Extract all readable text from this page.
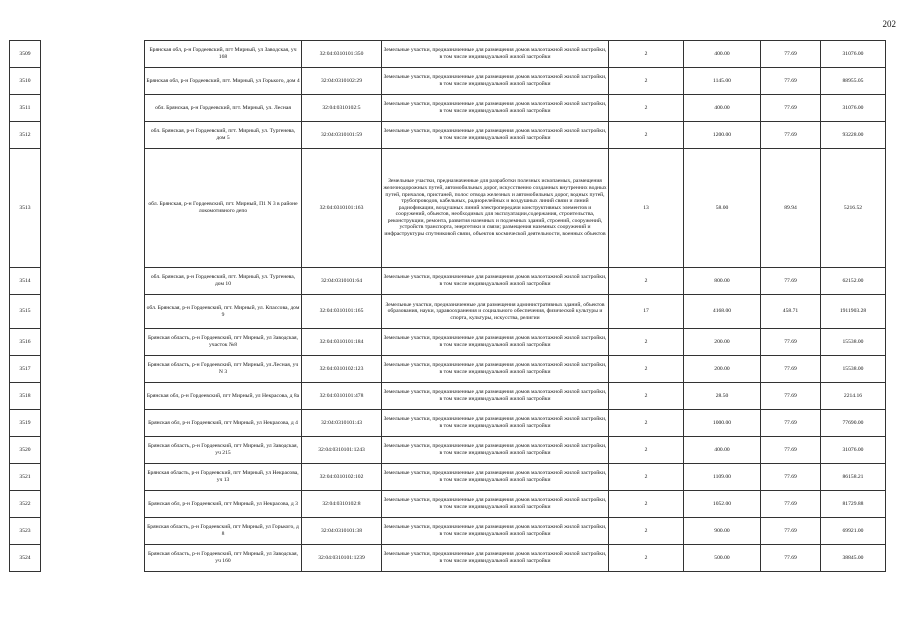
202
3509		Брянская обл, р-н Гордеевский, пгт Мирный, ул Заводская, уч 168	32:04:0310101:350	Земельные участки, предназначенные для размещения домов малоэтажной жилой застройки, в том числе индивидуальной жилой застройки	2	400.00	77.69	31076.00
3510		Брянская обл, р-н Гордеевский, пгт. Мирный, ул Горького, дом 4	32:04:0310102:29	Земельные участки, предназначенные для размещения домов малоэтажной жилой застройки, в том числе индивидуальной жилой застройки	2	1145.00	77.69	88955.05
3511		обл. Брянская, р-н Гордеевский, пгт. Мирный, ул. Лесная	32:04:0310102:5	Земельные участки, предназначенные для размещения домов малоэтажной жилой застройки, в том числе индивидуальной жилой застройки	2	400.00	77.69	31076.00
3512		обл. Брянская, р-н Гордеевский, пгт. Мирный, ул. Тургенева, дом 5	32:04:0310101:59	Земельные участки, предназначенные для размещения домов малоэтажной жилой застройки, в том числе индивидуальной жилой застройки	2	1200.00	77.69	93228.00
3513		обл. Брянская, р-н Гордеевский, пгт. Мирный, П1 N 3 в районе локомотивного депо	32:04:0310101:163	Земельные участки, предназначенные для разработки полезных ископаемых, размещения железнодорожных путей, автомобильных дорог, искусственно созданных внутренних водных путей, причалов, пристаней, полос отвода железных и автомобильных дорог, водных путей, трубопроводов, кабельных, радиорелейных и воздушных линий связи и линий радиофикации, воздушных линий электропередачи конструктивных элементов и сооружений, объектов, необходимых для эксплуатации,содержания, строительства, реконструкции, ремонта, развития наземных и подземных зданий, строений, сооружений, устройств транспорта, энергетики и связи; размещения наземных сооружений и инфраструктуры спутниковой связи, объектов космической деятельности, военных объектов	13	58.00	89.94	5216.52
3514		обл. Брянская, р-н Гордеевский, пгт. Мирный, ул. Тургенева, дом 10	32:04:0310101:64	Земельные участки, предназначенные для размещения домов малоэтажной жилой застройки, в том числе индивидуальной жилой застройки	2	800.00	77.69	62152.00
3515		обл. Брянская, р-н Гордеевский, пгт. Мирный, ул. Кпассова, дом 9	32:04:0310101:165	Земельные участки, предназначенные для размещения административных зданий, объектов образования, науки, здравоохранения и социального обеспечения, физической культуры и спорта, культуры, искусства, религии	17	4168.00	458.71	1911903.28
3516		Брянская область, р-н Гордеевский, пгт Мирный, ул Заводская, участок №8	32:04:0310101:184	Земельные участки, предназначенные для размещения домов малоэтажной жилой застройки, в том числе индивидуальной жилой застройки	2	200.00	77.69	15538.00
3517		Брянская область, р-н Гордеевский, пгт Мирный, ул.Лесная, уч N 3	32:04:0310102:123	Земельные участки, предназначенные для размещения домов малоэтажной жилой застройки, в том числе индивидуальной жилой застройки	2	200.00	77.69	15538.00
3518		Брянская обл, р-н Гордеевский, пгт Мирный, ул Некрасова, д 8а	32:04:0310101:478	Земельные участки, предназначенные для размещения домов малоэтажной жилой застройки, в том числе индивидуальной жилой застройки	2	28.50	77.69	2214.16
3519		Брянская обл, р-н Гордеевский, пгт Мирный, ул Некрасова, д 4	32:04:0310101:43	Земельные участки, предназначенные для размещения домов малоэтажной жилой застройки, в том числе индивидуальной жилой застройки	2	1000.00	77.69	77690.00
3520		Брянская область, р-н Гордеевский, пгт Мирный, ул Заводская, уч 215	32:04:0310101:1243	Земельные участки, предназначенные для размещения домов малоэтажной жилой застройки, в том числе индивидуальной жилой застройки	2	400.00	77.69	31076.00
3521		Брянская область, р-н Гордеевский, пгт Мирный, ул Некрасова, уч 13	32:04:0310102:102	Земельные участки, предназначенные для размещения домов малоэтажной жилой застройки, в том числе индивидуальной жилой застройки	2	1109.00	77.69	86158.21
3522		Брянская обл, р-н Гордеевский, пгт Мирный, ул Некрасова, д 3	32:04:0310102:8	Земельные участки, предназначенные для размещения домов малоэтажной жилой застройки, в том числе индивидуальной жилой застройки	2	1052.00	77.69	81729.88
3523		Брянская область, р-н Гордеевский, пгт Мирный, ул Горького, д 8	32:04:0310101:38	Земельные участки, предназначенные для размещения домов малоэтажной жилой застройки, в том числе индивидуальной жилой застройки	2	900.00	77.69	69921.00
3524		Брянская область, р-н Гордеевский, пгт Мирный, ул Заводская, уч 160	32:04:0310101:1239	Земельные участки, предназначенные для размещения домов малоэтажной жилой застройки, в том числе индивидуальной жилой застройки	2	500.00	77.69	38845.00
